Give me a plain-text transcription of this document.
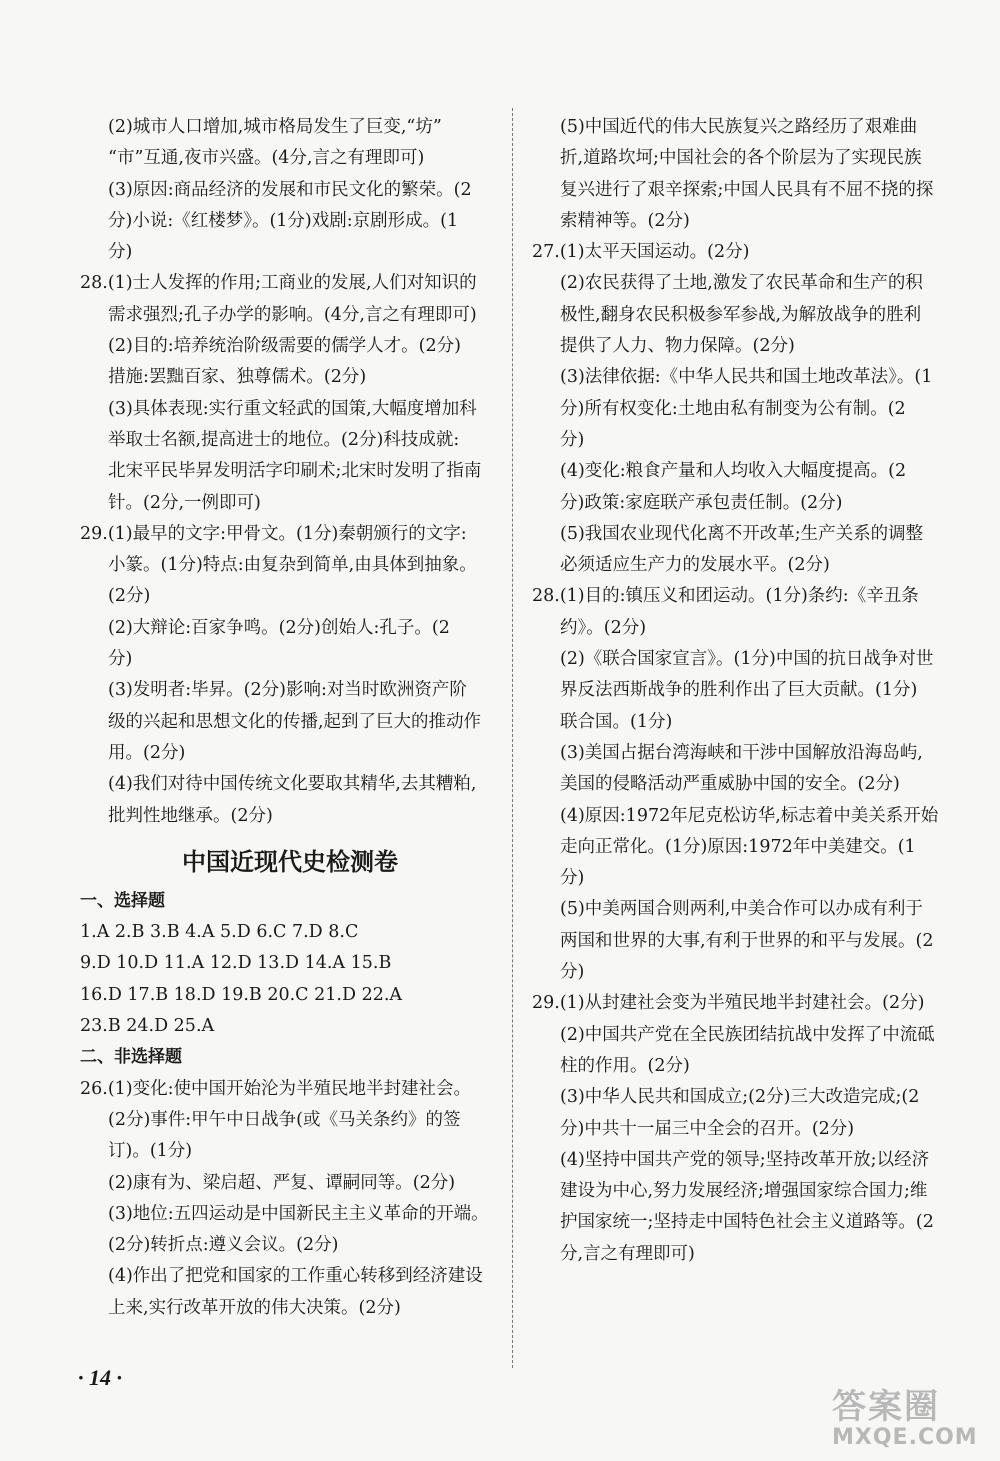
(2)城市人口增加,城市格局发生了巨变,“坊”
“市”互通,夜市兴盛。(4分,言之有理即可)
(3)原因:商品经济的发展和市民文化的繁荣。(2
分)小说:《红楼梦》。(1分)戏剧:京剧形成。(1
分)
28.(1)士人发挥的作用;工商业的发展,人们对知识的
需求强烈;孔子办学的影响。(4分,言之有理即可)
(2)目的:培养统治阶级需要的儒学人才。(2分)
措施:罢黜百家、独尊儒术。(2分)
(3)具体表现:实行重文轻武的国策,大幅度增加科
举取士名额,提高进士的地位。(2分)科技成就:
北宋平民毕昇发明活字印刷术;北宋时发明了指南
针。(2分,一例即可)
29.(1)最早的文字:甲骨文。(1分)秦朝颁行的文字:
小篆。(1分)特点:由复杂到简单,由具体到抽象。
(2分)
(2)大辩论:百家争鸣。(2分)创始人:孔子。(2
分)
(3)发明者:毕昇。(2分)影响:对当时欧洲资产阶
级的兴起和思想文化的传播,起到了巨大的推动作
用。(2分)
(4)我们对待中国传统文化要取其精华,去其糟粕,
批判性地继承。(2分)
中国近现代史检测卷
一、选择题
1.A 2.B 3.B 4.A 5.D 6.C 7.D 8.C
9.D 10.D 11.A 12.D 13.D 14.A 15.B
16.D 17.B 18.D 19.B 20.C 21.D 22.A
23.B 24.D 25.A
二、非选择题
26.(1)变化:使中国开始沦为半殖民地半封建社会。
(2分)事件:甲午中日战争(或《马关条约》的签
订)。(1分)
(2)康有为、梁启超、严复、谭嗣同等。(2分)
(3)地位:五四运动是中国新民主主义革命的开端。
(2分)转折点:遵义会议。(2分)
(4)作出了把党和国家的工作重心转移到经济建设
上来,实行改革开放的伟大决策。(2分)
(5)中国近代的伟大民族复兴之路经历了艰难曲
折,道路坎坷;中国社会的各个阶层为了实现民族
复兴进行了艰辛探索;中国人民具有不屈不挠的探
索精神等。(2分)
27.(1)太平天国运动。(2分)
(2)农民获得了土地,激发了农民革命和生产的积
极性,翻身农民积极参军参战,为解放战争的胜利
提供了人力、物力保障。(2分)
(3)法律依据:《中华人民共和国土地改革法》。(1
分)所有权变化:土地由私有制变为公有制。(2
分)
(4)变化:粮食产量和人均收入大幅度提高。(2
分)政策:家庭联产承包责任制。(2分)
(5)我国农业现代化离不开改革;生产关系的调整
必须适应生产力的发展水平。(2分)
28.(1)目的:镇压义和团运动。(1分)条约:《辛丑条
约》。(2分)
(2)《联合国家宣言》。(1分)中国的抗日战争对世
界反法西斯战争的胜利作出了巨大贡献。(1分)
联合国。(1分)
(3)美国占据台湾海峡和干涉中国解放沿海岛屿,
美国的侵略活动严重威胁中国的安全。(2分)
(4)原因:1972年尼克松访华,标志着中美关系开始
走向正常化。(1分)原因:1972年中美建交。(1
分)
(5)中美两国合则两利,中美合作可以办成有利于
两国和世界的大事,有利于世界的和平与发展。(2
分)
29.(1)从封建社会变为半殖民地半封建社会。(2分)
(2)中国共产党在全民族团结抗战中发挥了中流砥
柱的作用。(2分)
(3)中华人民共和国成立;(2分)三大改造完成;(2
分)中共十一届三中全会的召开。(2分)
(4)坚持中国共产党的领导;坚持改革开放;以经济
建设为中心,努力发展经济;增强国家综合国力;维
护国家统一;坚持走中国特色社会主义道路等。(2
分,言之有理即可)
· 14 ·
答案圈
MXQE.COM
